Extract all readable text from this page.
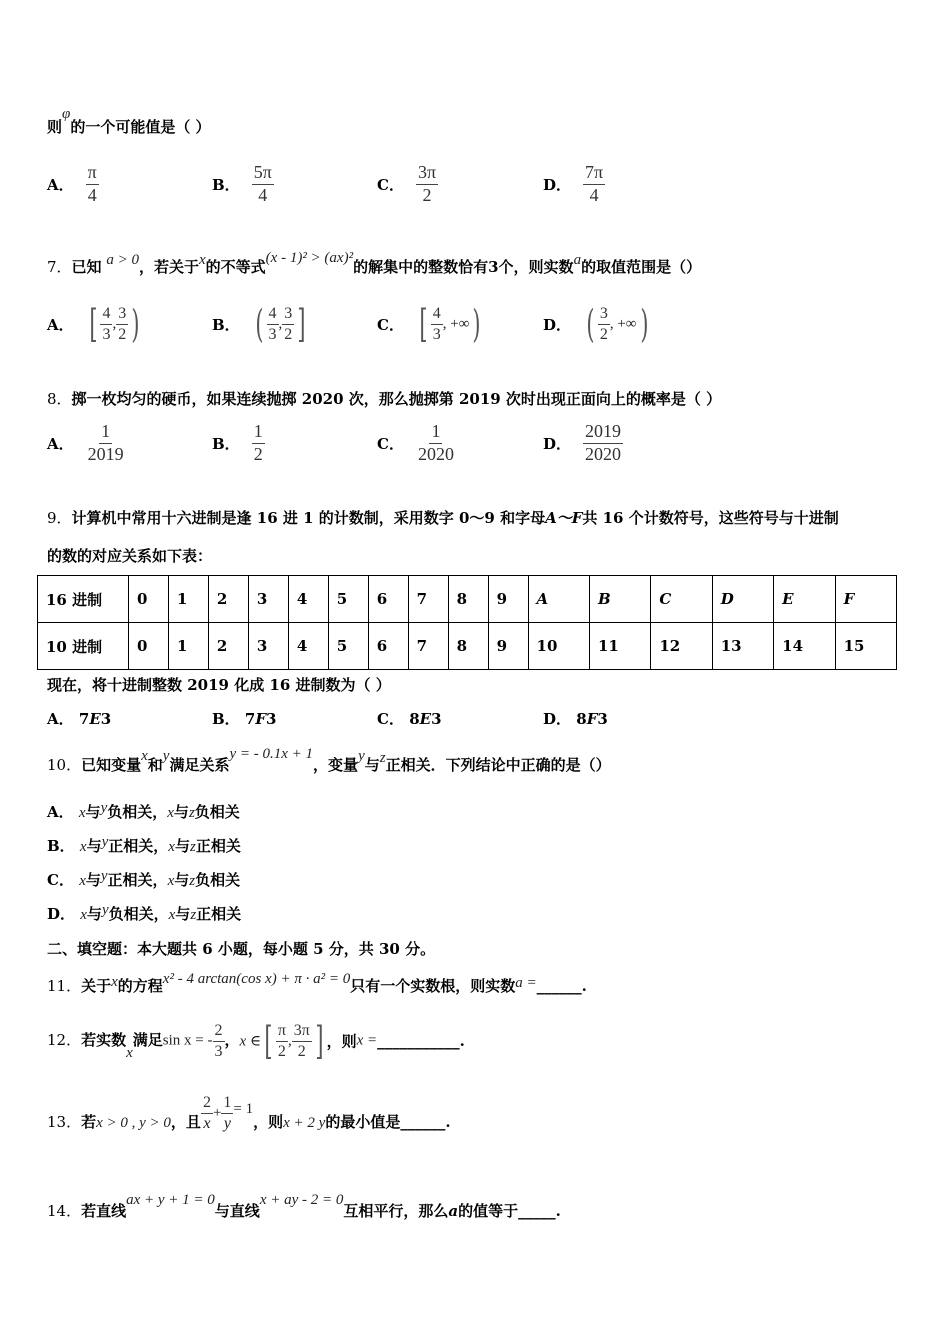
则φ的一个可能值是（ ）
A． $\frac{\pi}{4}$	B． $\frac{5\pi}{4}$	C． $\frac{3\pi}{2}$	D． $\frac{7\pi}{4}$
7．已知 a > 0，若关于x的不等式(x - 1)² > (ax)²的解集中的整数恰有3个，则实数a的取值范围是（）
A． [ $\frac{4}{3}$ , $\frac{3}{2}$ )	B． ( $\frac{4}{3}$ , $\frac{3}{2}$ ]	C． [ $\frac{4}{3}$ , +∞)	D． ( $\frac{3}{2}$ , +∞)
8．掷一枚均匀的硬币，如果连续抛掷 2020 次，那么抛掷第 2019 次时出现正面向上的概率是（ ）
A． $\frac{1}{2019}$	B． $\frac{1}{2}$	C． $\frac{1}{2020}$	D． $\frac{2019}{2020}$
9．计算机中常用十六进制是逢 16 进 1 的计数制，采用数字 0～9 和字母A～F共 16 个计数符号，这些符号与十进制
的数的对应关系如下表：
16 进制	0	1	2	3	4	5	6	7	8	9	A	B	C	D	E	F
10 进制	0	1	2	3	4	5	6	7	8	9	10	11	12	13	14	15
现在，将十进制整数 2019 化成 16 进制数为（ ）
A． 7E3	B． 7F3	C． 8E3	D． 8F3
10．已知变量x和y满足关系y = - 0.1x + 1，变量y与z正相关．下列结论中正确的是（）
A． x与y负相关，x与z负相关
B． x与y正相关，x与z正相关
C． x与y正相关，x与z负相关
D． x与y负相关，x与z正相关
二、填空题：本大题共 6 小题，每小题 5 分，共 30 分。
11．关于x的方程x² - 4 arctan(cos x) + π · a² = 0只有一个实数根，则实数a =______.
12．若实数x满足sin x = - $\frac{2}{3}$ ，x ∈[ $\frac{\pi}{2}$ , $\frac{3\pi}{2}$ ] ，则x =___________.
13．若x > 0 , y > 0，且 $\frac{2}{x} + \frac{1}{y} = 1$，则x + 2 y的最小值是______.
14．若直线ax + y + 1 = 0与直线x + ay - 2 = 0互相平行，那么a的值等于_____.
